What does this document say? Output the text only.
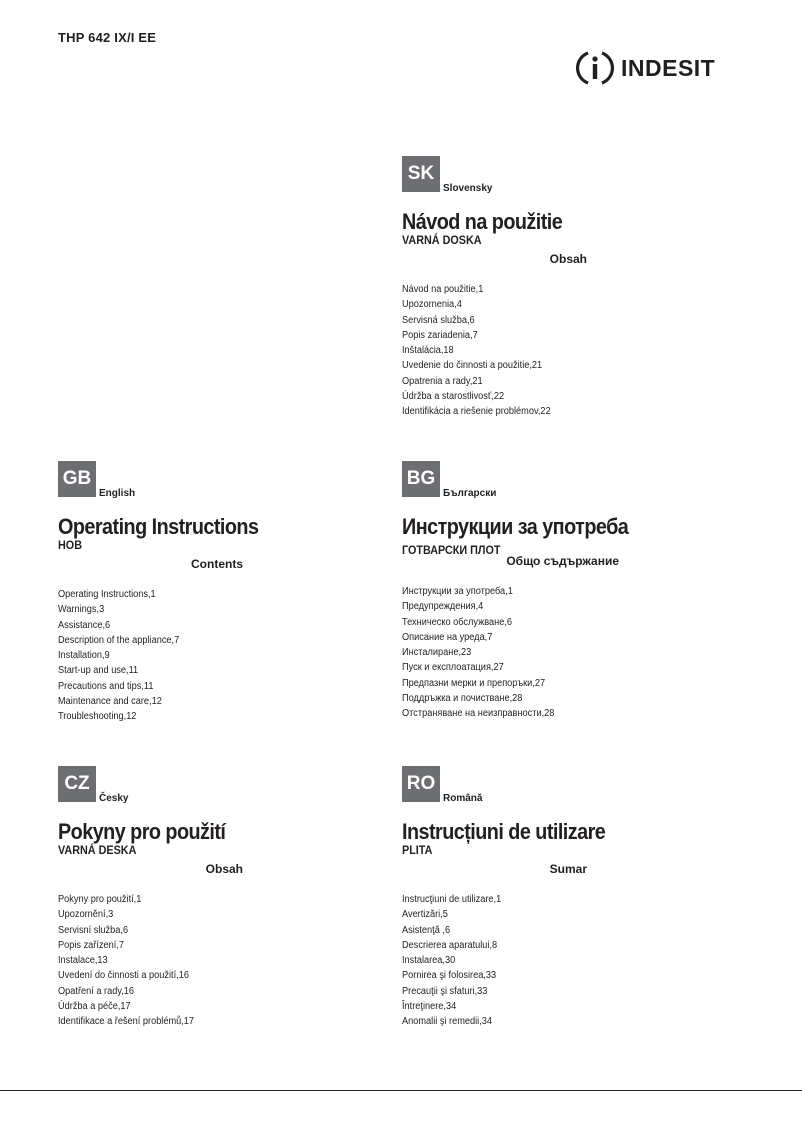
THP 642 IX/I EE
INDESIT
SK
Slovensky
Návod na použitie
VARNÁ DOSKA
Obsah
Návod na použitie,1
Upozornenia,4
Servisná služba,6
Popis zariadenia,7
Inštalácia,18
Uvedenie do činnosti a použitie,21
Opatrenia a rady,21
Údržba a starostlivosť,22
Identifikácia a riešenie problémov,22
GB
English
Operating Instructions
HOB
Contents
Operating Instructions,1
Warnings,3
Assistance,6
Description of the appliance,7
Installation,9
Start-up and use,11
Precautions and tips,11
Maintenance and care,12
Troubleshooting,12
BG
Български
Инструкции за употреба
ГОТВАРСКИ ПЛОТ
Общо съдържание
Инструкции за употреба,1
Предупреждения,4
Техническо обслужване,6
Описание на уреда,7
Инсталиране,23
Пуск и експлоатация,27
Предпазни мерки и препоръки,27
Поддръжка и почистване,28
Отстраняване на неизправности,28
CZ
Česky
Pokyny pro použití
VARNÁ DESKA
Obsah
Pokyny pro použití,1
Upozornění,3
Servisní služba,6
Popis zařízení,7
Instalace,13
Uvedení do činnosti a použití,16
Opatření a rady,16
Údržba a péče,17
Identifikace a řešení problémů,17
RO
Română
Instrucțiuni de utilizare
PLITA
Sumar
Instrucţiuni de utilizare,1
Avertizări,5
Asistenţă ,6
Descrierea aparatului,8
Instalarea,30
Pornirea şi folosirea,33
Precauţii şi sfaturi,33
Întreţinere,34
Anomalii şi remedii,34
